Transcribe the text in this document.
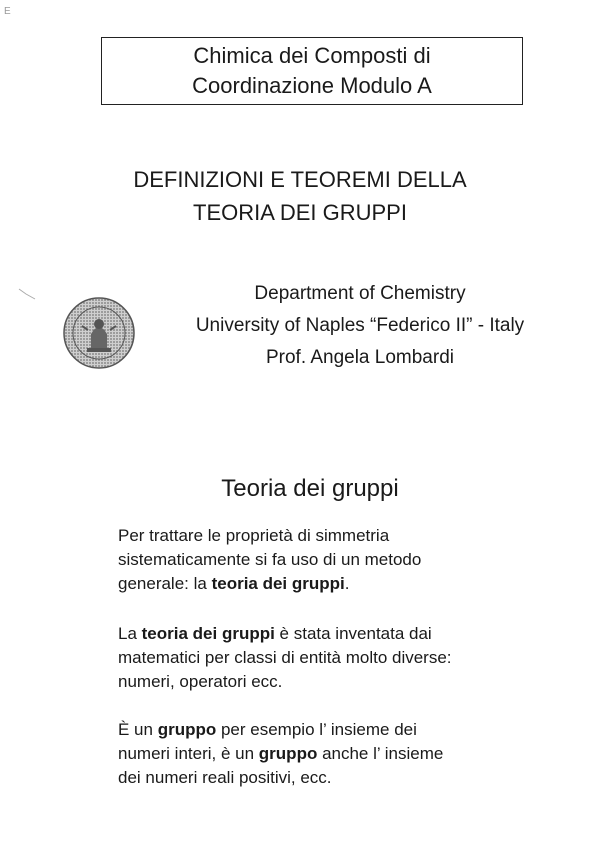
E
Chimica dei Composti di
Coordinazione Modulo A
DEFINIZIONI E TEOREMI DELLA
TEORIA DEI GRUPPI
Department of Chemistry
University of Naples “Federico II” - Italy
Prof. Angela Lombardi
Teoria dei gruppi
Per trattare le proprietà di simmetria
sistematicamente si fa uso di un metodo
generale: la teoria dei gruppi.
La teoria dei gruppi è stata inventata dai
matematici per classi di entità molto diverse:
numeri, operatori ecc.
È un gruppo per esempio l’ insieme dei
numeri interi, è un gruppo anche l’ insieme
dei numeri reali positivi, ecc.
